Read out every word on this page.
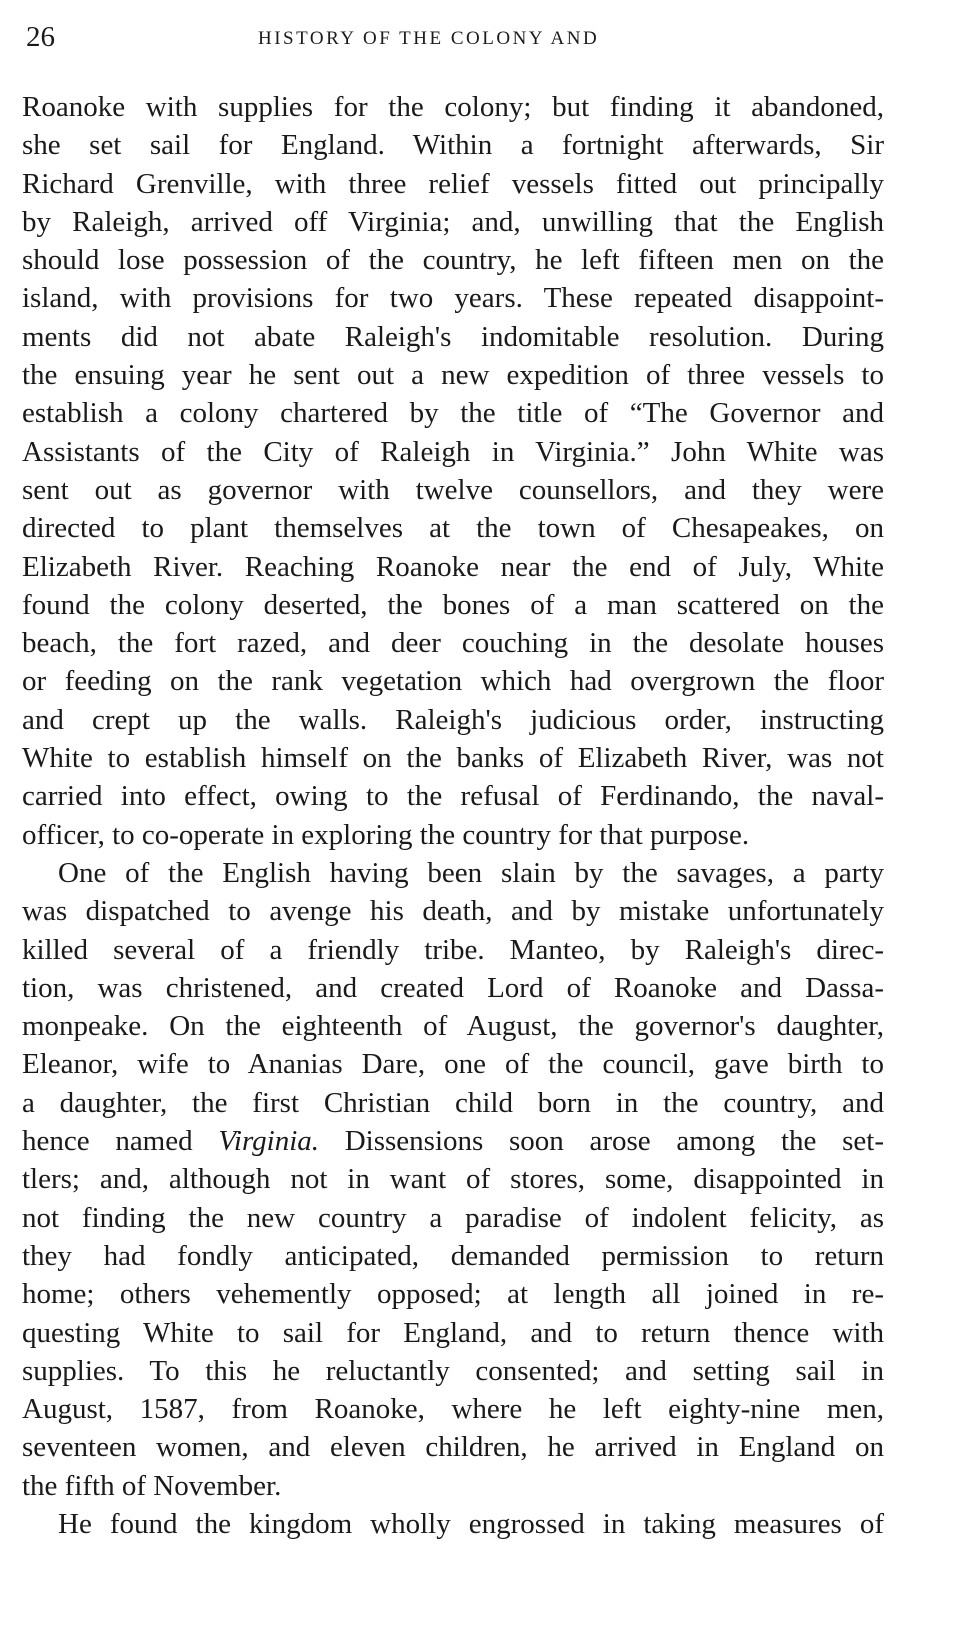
26	HISTORY OF THE COLONY AND
Roanoke with supplies for the colony; but finding it abandoned,
she set sail for England. Within a fortnight afterwards, Sir
Richard Grenville, with three relief vessels fitted out principally
by Raleigh, arrived off Virginia; and, unwilling that the English
should lose possession of the country, he left fifteen men on the
island, with provisions for two years. These repeated disappoint-
ments did not abate Raleigh's indomitable resolution. During
the ensuing year he sent out a new expedition of three vessels to
establish a colony chartered by the title of “The Governor and
Assistants of the City of Raleigh in Virginia.” John White was
sent out as governor with twelve counsellors, and they were
directed to plant themselves at the town of Chesapeakes, on
Elizabeth River. Reaching Roanoke near the end of July, White
found the colony deserted, the bones of a man scattered on the
beach, the fort razed, and deer couching in the desolate houses
or feeding on the rank vegetation which had overgrown the floor
and crept up the walls. Raleigh's judicious order, instructing
White to establish himself on the banks of Elizabeth River, was not
carried into effect, owing to the refusal of Ferdinando, the naval-
officer, to co-operate in exploring the country for that purpose.
One of the English having been slain by the savages, a party
was dispatched to avenge his death, and by mistake unfortunately
killed several of a friendly tribe. Manteo, by Raleigh's direc-
tion, was christened, and created Lord of Roanoke and Dassa-
monpeake. On the eighteenth of August, the governor's daughter,
Eleanor, wife to Ananias Dare, one of the council, gave birth to
a daughter, the first Christian child born in the country, and
hence named Virginia. Dissensions soon arose among the set-
tlers; and, although not in want of stores, some, disappointed in
not finding the new country a paradise of indolent felicity, as
they had fondly anticipated, demanded permission to return
home; others vehemently opposed; at length all joined in re-
questing White to sail for England, and to return thence with
supplies. To this he reluctantly consented; and setting sail in
August, 1587, from Roanoke, where he left eighty-nine men,
seventeen women, and eleven children, he arrived in England on
the fifth of November.
He found the kingdom wholly engrossed in taking measures of
